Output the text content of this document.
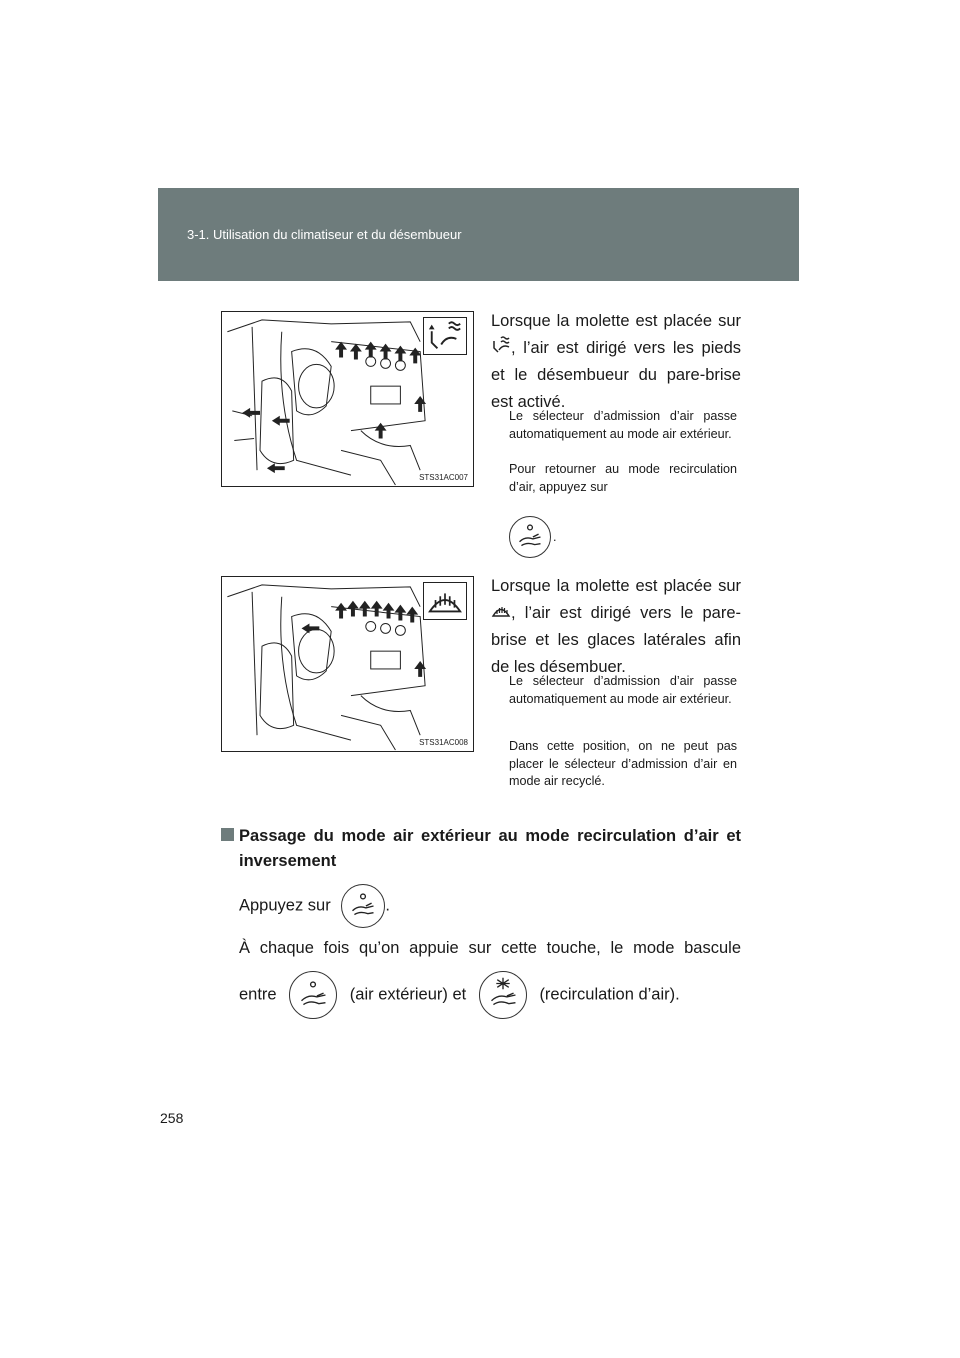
3-1. Utilisation du climatiseur et du désembueur
STS31AC007
Lorsque la molette est placée sur , l’air est dirigé vers les pieds et le désembueur du pare-brise est activé.
Le sélecteur d’admission d’air passe automatiquement au mode air extérieur.
Pour retourner au mode recirculation d’air, appuyez sur
.
STS31AC008
Lorsque la molette est placée sur , l’air est dirigé vers le pare-brise et les glaces latérales afin de les désembuer.
Le sélecteur d’admission d’air passe automatiquement au mode air extérieur.
Dans cette position, on ne peut pas placer le sélecteur d’admission d’air en mode air recyclé.
Passage du mode air extérieur au mode recirculation d’air et inversement
Appuyez sur	.
À chaque fois qu’on appuie sur cette touche, le mode bascule
entre	(air extérieur) et	(recirculation d’air).
258
